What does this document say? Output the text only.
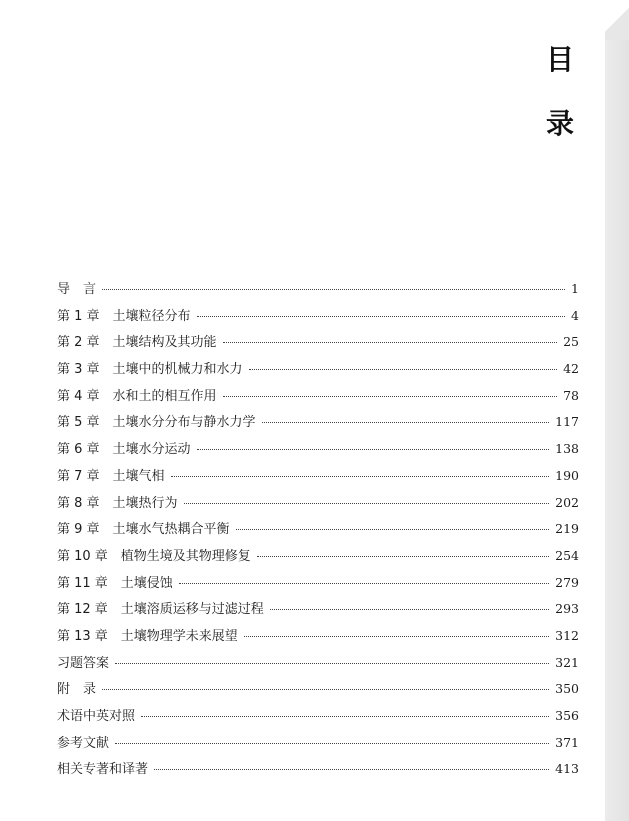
目
录
导　言	1
第 1 章　土壤粒径分布	4
第 2 章　土壤结构及其功能	25
第 3 章　土壤中的机械力和水力	42
第 4 章　水和土的相互作用	78
第 5 章　土壤水分分布与静水力学	117
第 6 章　土壤水分运动	138
第 7 章　土壤气相	190
第 8 章　土壤热行为	202
第 9 章　土壤水气热耦合平衡	219
第 10 章　植物生境及其物理修复	254
第 11 章　土壤侵蚀	279
第 12 章　土壤溶质运移与过滤过程	293
第 13 章　土壤物理学未来展望	312
习题答案	321
附　录	350
术语中英对照	356
参考文献	371
相关专著和译著	413
